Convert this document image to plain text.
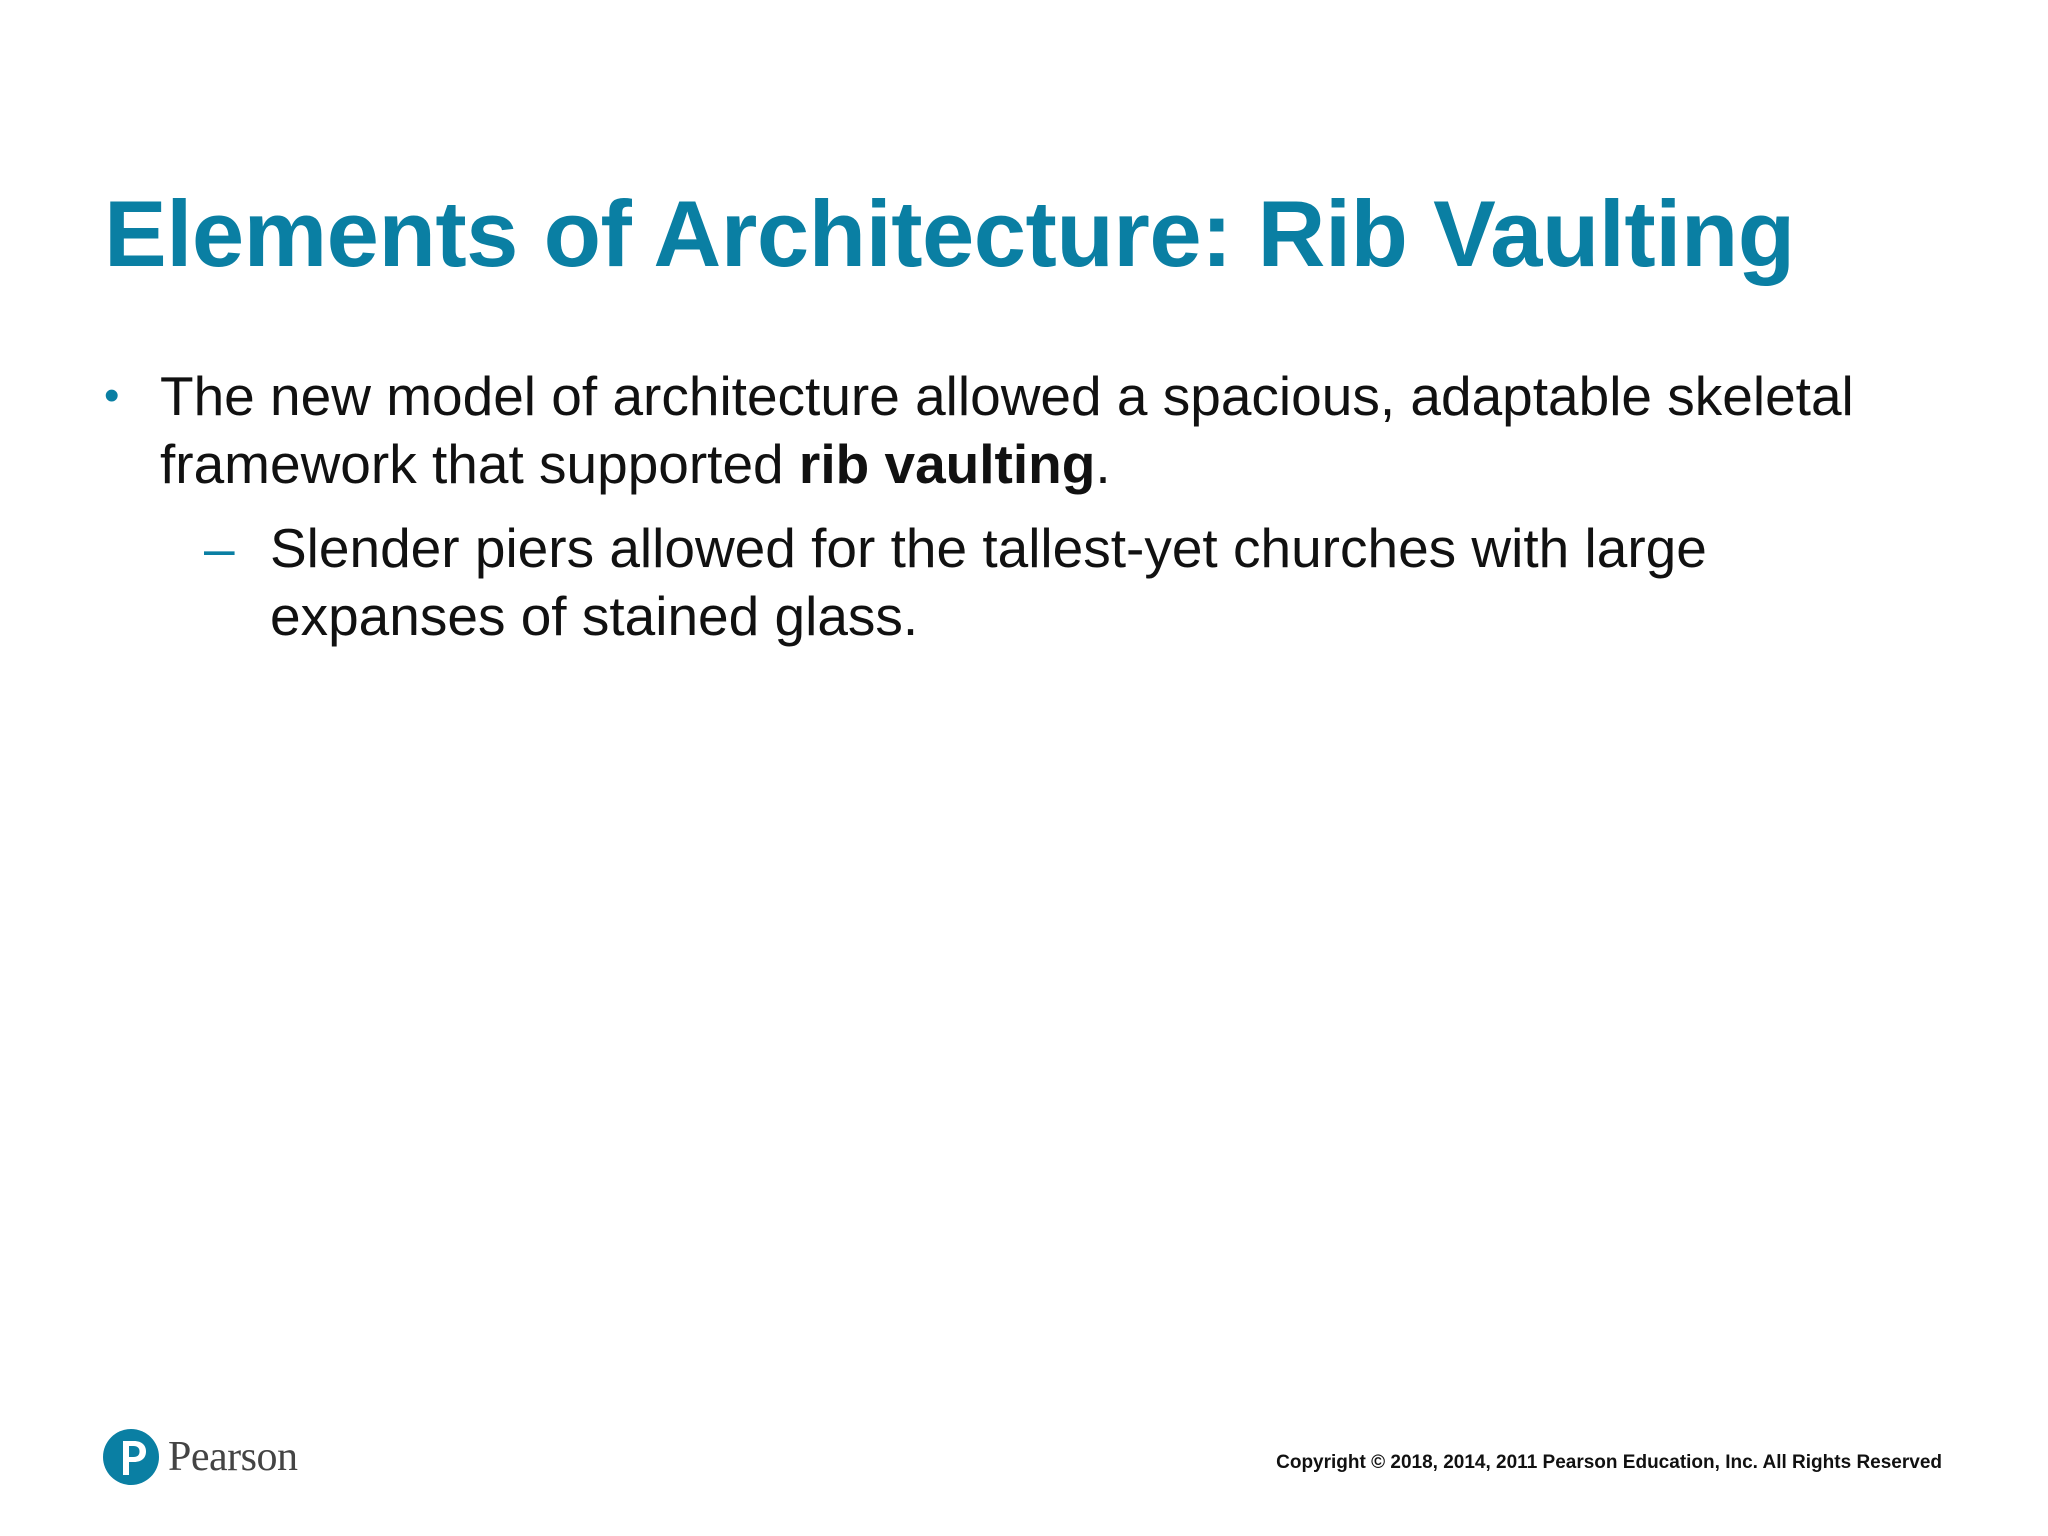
Elements of Architecture: Rib Vaulting
• The new model of architecture allowed a spacious, adaptable skeletal framework that supported rib vaulting.
– Slender piers allowed for the tallest-yet churches with large expanses of stained glass.
Pearson	Copyright © 2018, 2014, 2011 Pearson Education, Inc. All Rights Reserved
